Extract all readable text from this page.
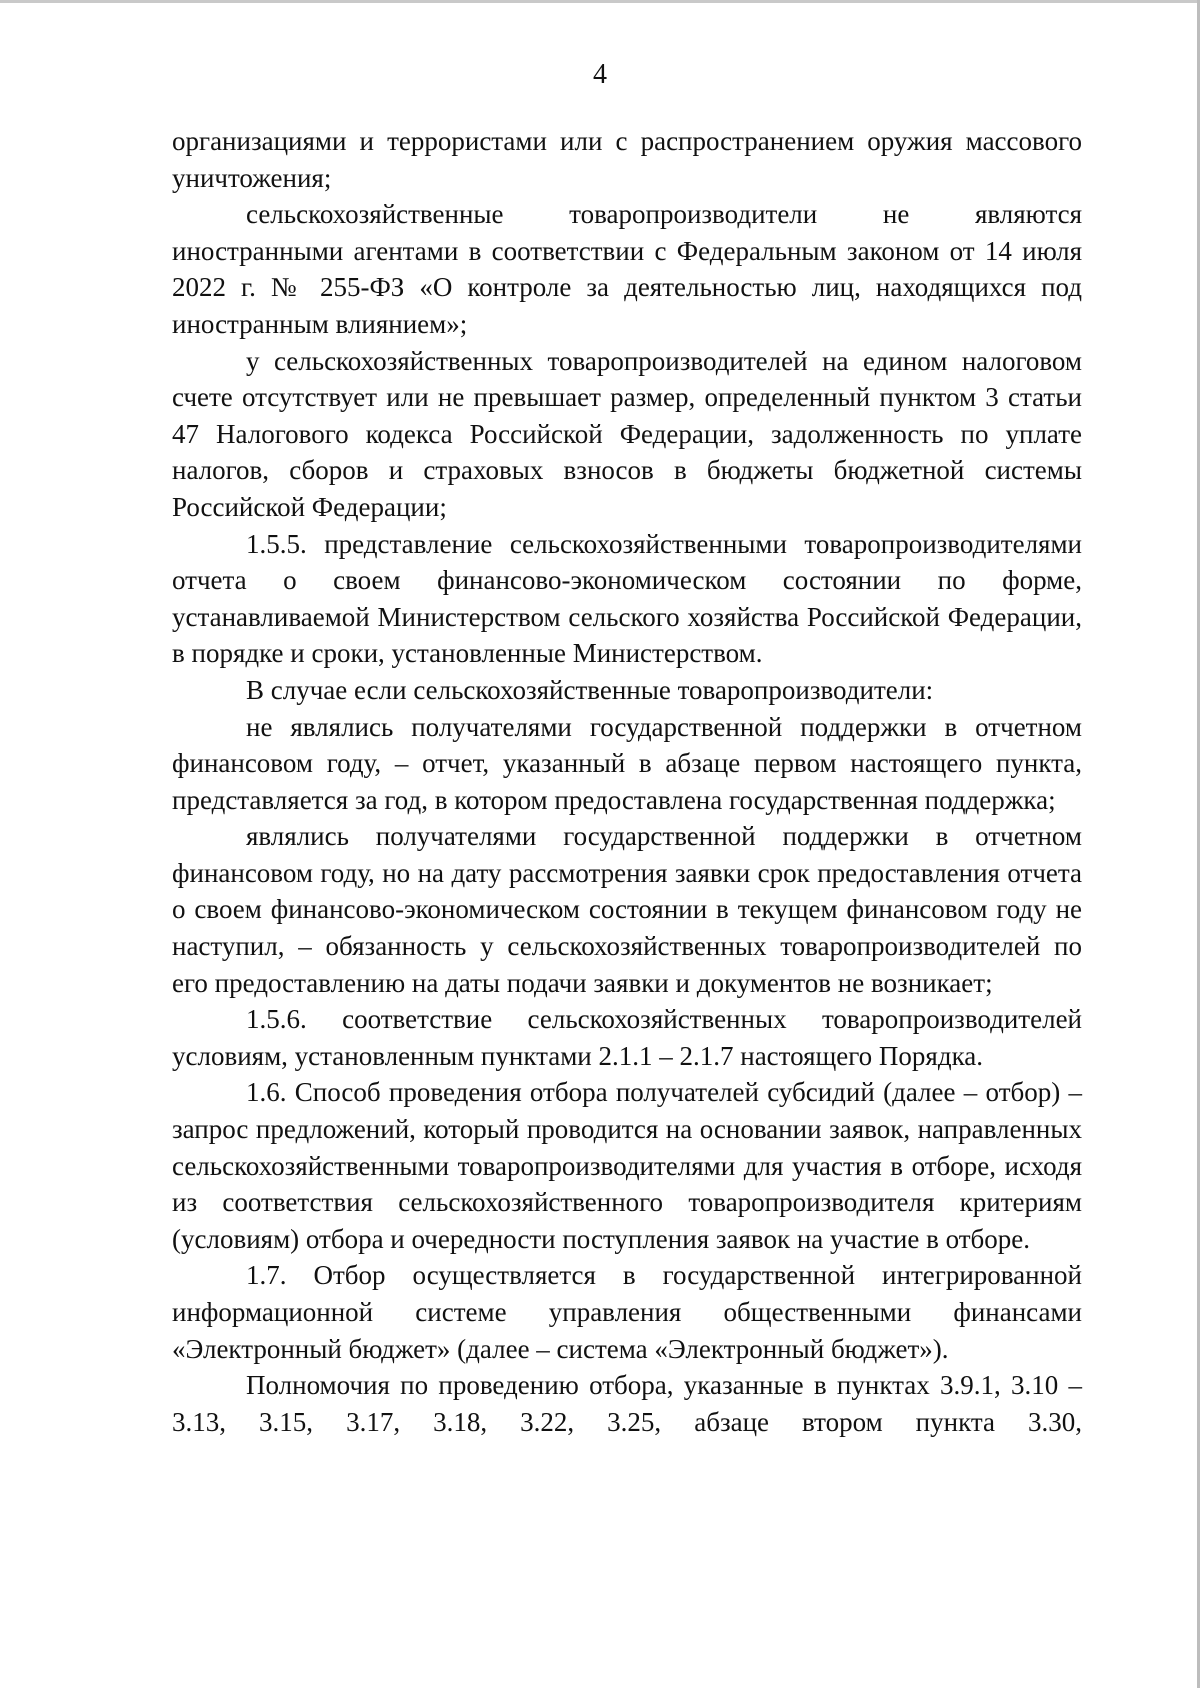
4

организациями и террористами или с распространением оружия массового уничтожения;

сельскохозяйственные товаропроизводители не являются иностранными агентами в соответствии с Федеральным законом от 14 июля 2022 г. № 255-ФЗ «О контроле за деятельностью лиц, находящихся под иностранным влиянием»;

у сельскохозяйственных товаропроизводителей на едином налоговом счете отсутствует или не превышает размер, определенный пунктом 3 статьи 47 Налогового кодекса Российской Федерации, задолженность по уплате налогов, сборов и страховых взносов в бюджеты бюджетной системы Российской Федерации;

1.5.5. представление сельскохозяйственными товаропроизводителями отчета о своем финансово-экономическом состоянии по форме, устанавливаемой Министерством сельского хозяйства Российской Федерации, в порядке и сроки, установленные Министерством.

В случае если сельскохозяйственные товаропроизводители:

не являлись получателями государственной поддержки в отчетном финансовом году, – отчет, указанный в абзаце первом настоящего пункта, представляется за год, в котором предоставлена государственная поддержка;

являлись получателями государственной поддержки в отчетном финансовом году, но на дату рассмотрения заявки срок предоставления отчета о своем финансово-экономическом состоянии в текущем финансовом году не наступил, – обязанность у сельскохозяйственных товаропроизводителей по его предоставлению на даты подачи заявки и документов не возникает;

1.5.6. соответствие сельскохозяйственных товаропроизводителей условиям, установленным пунктами 2.1.1 – 2.1.7 настоящего Порядка.

1.6. Способ проведения отбора получателей субсидий (далее – отбор) – запрос предложений, который проводится на основании заявок, направленных сельскохозяйственными товаропроизводителями для участия в отборе, исходя из соответствия сельскохозяйственного товаропроизводителя критериям (условиям) отбора и очередности поступления заявок на участие в отборе.

1.7. Отбор осуществляется в государственной интегрированной информационной системе управления общественными финансами «Электронный бюджет» (далее – система «Электронный бюджет»).

Полномочия по проведению отбора, указанные в пунктах 3.9.1, 3.10 – 3.13, 3.15, 3.17, 3.18, 3.22, 3.25, абзаце втором пункта 3.30,
